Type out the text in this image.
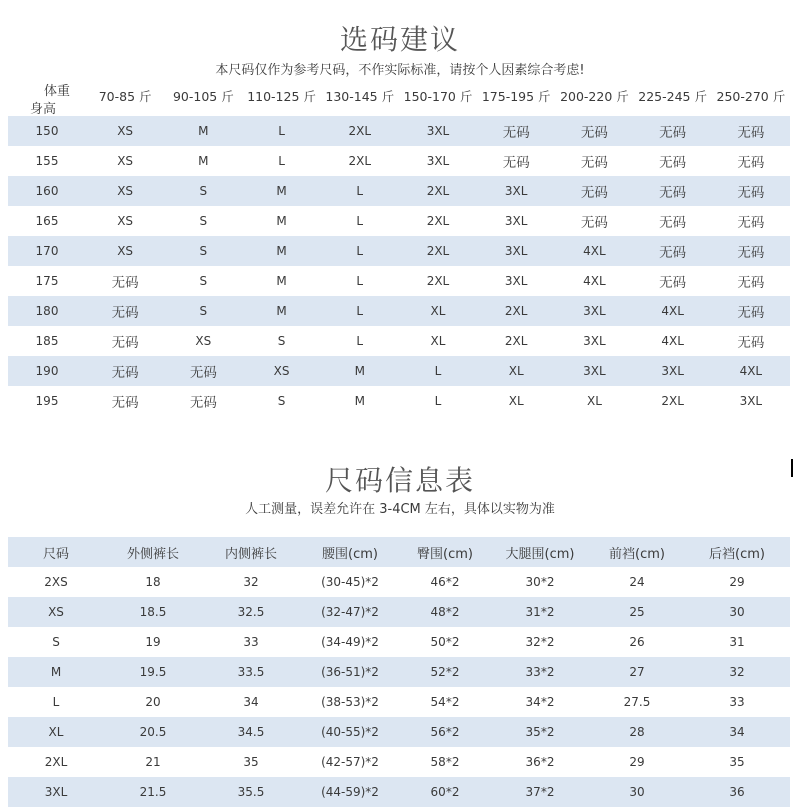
选码建议
本尺码仅作为参考尺码，不作实际标准，请按个人因素综合考虑!
体重
身高
70-85 斤	90-105 斤	110-125 斤 130-145 斤 150-170 斤 175-195 斤 200-220 斤 225-245 斤 250-270 斤
150	XS	M	L	2XL	3XL	无码	无码	无码	无码
155	XS	M	L	2XL	3XL	无码	无码	无码	无码
160	XS	S	M	L	2XL	3XL	无码	无码	无码
165	XS	S	M	L	2XL	3XL	无码	无码	无码
170	XS	S	M	L	2XL	3XL	4XL	无码	无码
175	无码	S	M	L	2XL	3XL	4XL	无码	无码
180	无码	S	M	L	XL	2XL	3XL	4XL	无码
185	无码	XS	S	L	XL	2XL	3XL	4XL	无码
190	无码	无码	XS	M	L	XL	3XL	3XL	4XL
195	无码	无码	S	M	L	XL	XL	2XL	3XL
尺码信息表
人工测量，误差允许在 3-4CM 左右，具体以实物为准
尺码	外侧裤长	内侧裤长	腰围(cm)	臀围(cm)	大腿围(cm)	前裆(cm)	后裆(cm)
2XS	18	32	(30-45)*2	46*2	30*2	24	29
XS	18.5	32.5	(32-47)*2	48*2	31*2	25	30
S	19	33	(34-49)*2	50*2	32*2	26	31
M	19.5	33.5	(36-51)*2	52*2	33*2	27	32
L	20	34	(38-53)*2	54*2	34*2	27.5	33
XL	20.5	34.5	(40-55)*2	56*2	35*2	28	34
2XL	21	35	(42-57)*2	58*2	36*2	29	35
3XL	21.5	35.5	(44-59)*2	60*2	37*2	30	36
